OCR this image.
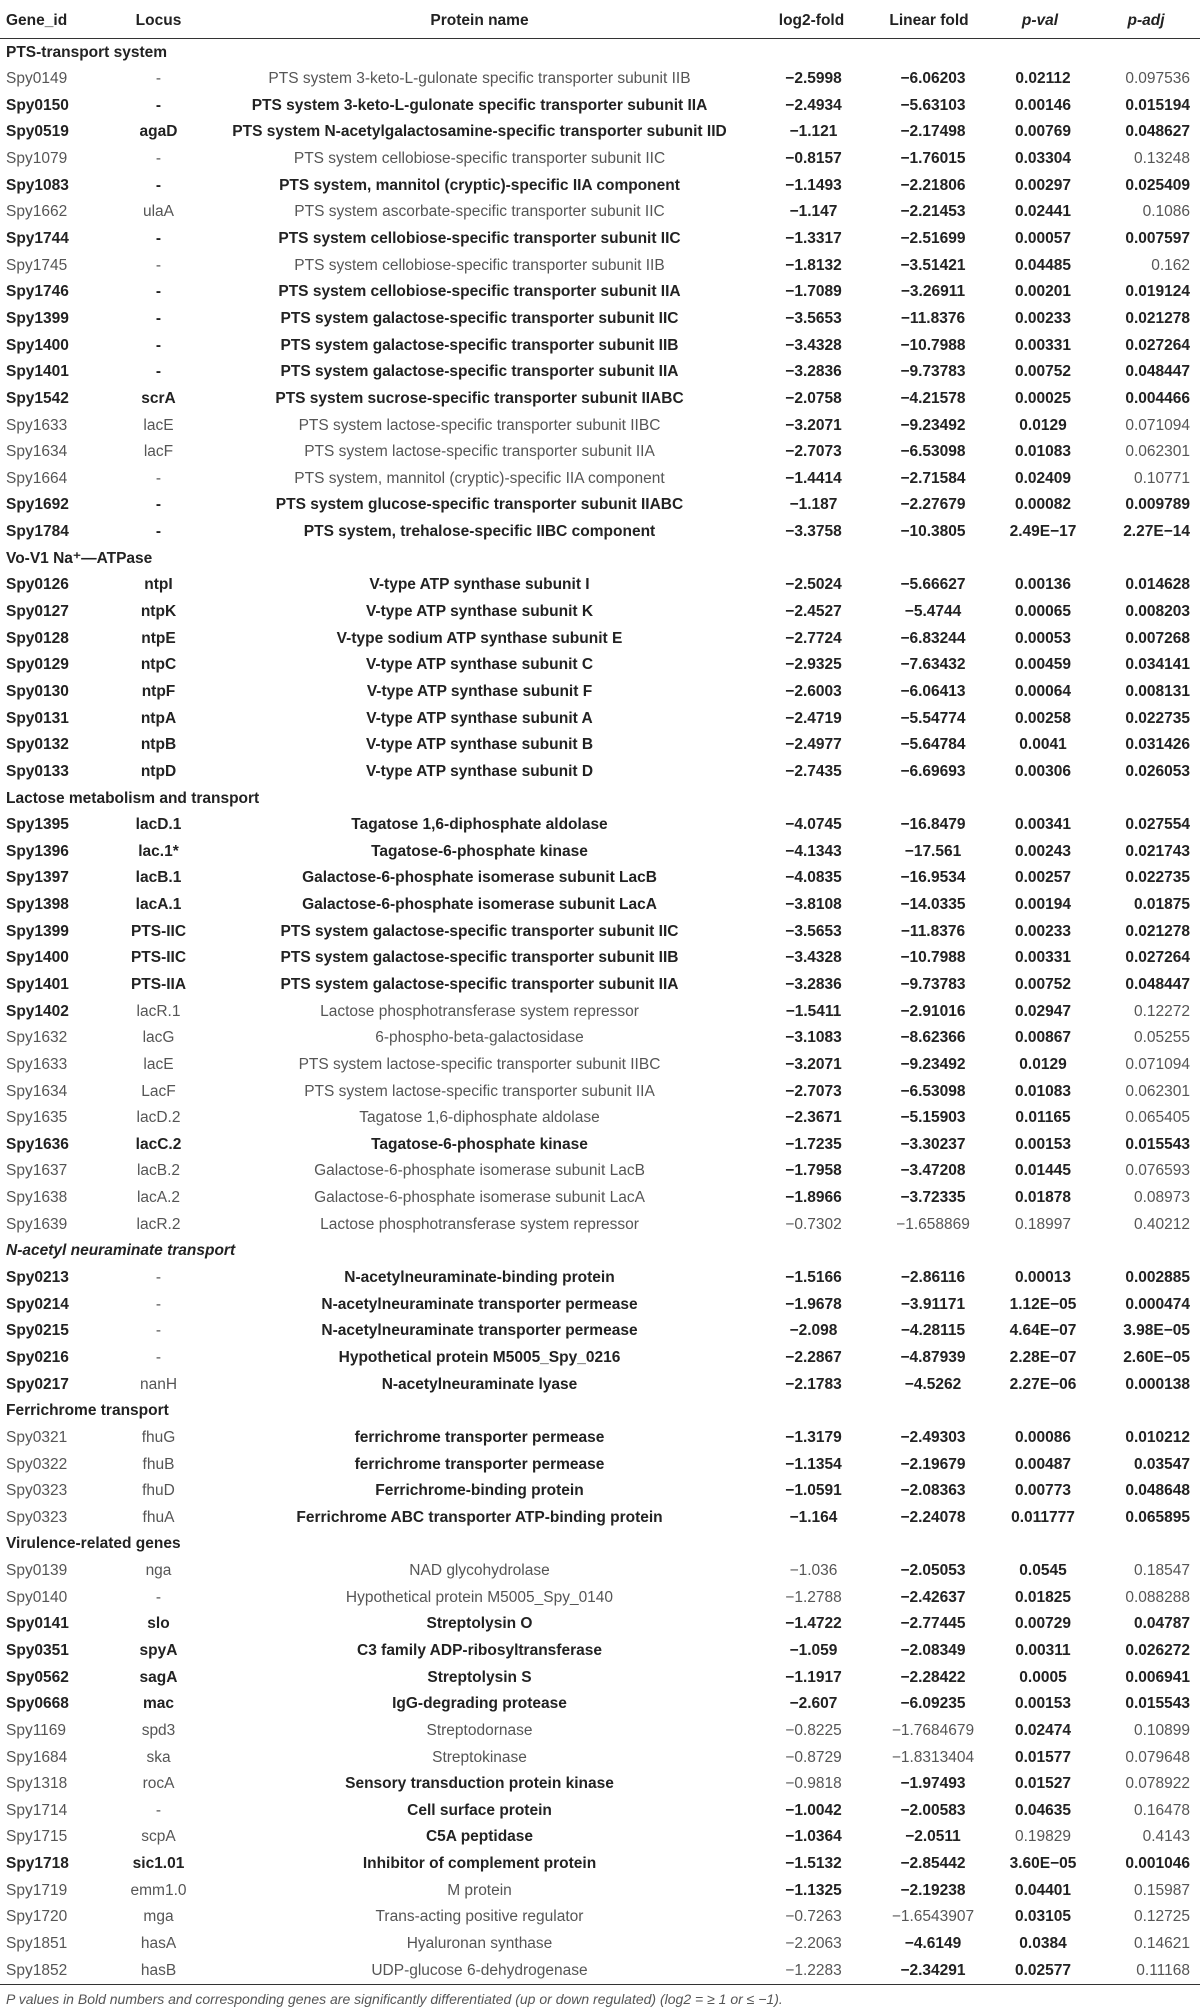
Gene_id	Locus	Protein name	log2-fold	Linear fold	p-val	p-adj
PTS-transport system						
Spy0149	-	PTS system 3-keto-L-gulonate specific transporter subunit IIB	−2.5998	−6.06203	0.02112	0.097536
Spy0150	-	PTS system 3-keto-L-gulonate specific transporter subunit IIA	−2.4934	−5.63103	0.00146	0.015194
Spy0519	agaD	PTS system N-acetylgalactosamine-specific transporter subunit IID	−1.121	−2.17498	0.00769	0.048627
Spy1079	-	PTS system cellobiose-specific transporter subunit IIC	−0.8157	−1.76015	0.03304	0.13248
Spy1083	-	PTS system, mannitol (cryptic)-specific IIA component	−1.1493	−2.21806	0.00297	0.025409
Spy1662	ulaA	PTS system ascorbate-specific transporter subunit IIC	−1.147	−2.21453	0.02441	0.1086
Spy1744	-	PTS system cellobiose-specific transporter subunit IIC	−1.3317	−2.51699	0.00057	0.007597
Spy1745	-	PTS system cellobiose-specific transporter subunit IIB	−1.8132	−3.51421	0.04485	0.162
Spy1746	-	PTS system cellobiose-specific transporter subunit IIA	−1.7089	−3.26911	0.00201	0.019124
Spy1399	-	PTS system galactose-specific transporter subunit IIC	−3.5653	−11.8376	0.00233	0.021278
Spy1400	-	PTS system galactose-specific transporter subunit IIB	−3.4328	−10.7988	0.00331	0.027264
Spy1401	-	PTS system galactose-specific transporter subunit IIA	−3.2836	−9.73783	0.00752	0.048447
Spy1542	scrA	PTS system sucrose-specific transporter subunit IIABC	−2.0758	−4.21578	0.00025	0.004466
Spy1633	lacE	PTS system lactose-specific transporter subunit IIBC	−3.2071	−9.23492	0.0129	0.071094
Spy1634	lacF	PTS system lactose-specific transporter subunit IIA	−2.7073	−6.53098	0.01083	0.062301
Spy1664	-	PTS system, mannitol (cryptic)-specific IIA component	−1.4414	−2.71584	0.02409	0.10771
Spy1692	-	PTS system glucose-specific transporter subunit IIABC	−1.187	−2.27679	0.00082	0.009789
Spy1784	-	PTS system, trehalose-specific IIBC component	−3.3758	−10.3805	2.49E−17	2.27E−14
Vo-V1 Na⁺—ATPase						
Spy0126	ntpI	V-type ATP synthase subunit I	−2.5024	−5.66627	0.00136	0.014628
Spy0127	ntpK	V-type ATP synthase subunit K	−2.4527	−5.4744	0.00065	0.008203
Spy0128	ntpE	V-type sodium ATP synthase subunit E	−2.7724	−6.83244	0.00053	0.007268
Spy0129	ntpC	V-type ATP synthase subunit C	−2.9325	−7.63432	0.00459	0.034141
Spy0130	ntpF	V-type ATP synthase subunit F	−2.6003	−6.06413	0.00064	0.008131
Spy0131	ntpA	V-type ATP synthase subunit A	−2.4719	−5.54774	0.00258	0.022735
Spy0132	ntpB	V-type ATP synthase subunit B	−2.4977	−5.64784	0.0041	0.031426
Spy0133	ntpD	V-type ATP synthase subunit D	−2.7435	−6.69693	0.00306	0.026053
Lactose metabolism and transport						
Spy1395	lacD.1	Tagatose 1,6-diphosphate aldolase	−4.0745	−16.8479	0.00341	0.027554
Spy1396	lac.1*	Tagatose-6-phosphate kinase	−4.1343	−17.561	0.00243	0.021743
Spy1397	lacB.1	Galactose-6-phosphate isomerase subunit LacB	−4.0835	−16.9534	0.00257	0.022735
Spy1398	lacA.1	Galactose-6-phosphate isomerase subunit LacA	−3.8108	−14.0335	0.00194	0.01875
Spy1399	PTS-IIC	PTS system galactose-specific transporter subunit IIC	−3.5653	−11.8376	0.00233	0.021278
Spy1400	PTS-IIC	PTS system galactose-specific transporter subunit IIB	−3.4328	−10.7988	0.00331	0.027264
Spy1401	PTS-IIA	PTS system galactose-specific transporter subunit IIA	−3.2836	−9.73783	0.00752	0.048447
Spy1402	lacR.1	Lactose phosphotransferase system repressor	−1.5411	−2.91016	0.02947	0.12272
Spy1632	lacG	6-phospho-beta-galactosidase	−3.1083	−8.62366	0.00867	0.05255
Spy1633	lacE	PTS system lactose-specific transporter subunit IIBC	−3.2071	−9.23492	0.0129	0.071094
Spy1634	LacF	PTS system lactose-specific transporter subunit IIA	−2.7073	−6.53098	0.01083	0.062301
Spy1635	lacD.2	Tagatose 1,6-diphosphate aldolase	−2.3671	−5.15903	0.01165	0.065405
Spy1636	lacC.2	Tagatose-6-phosphate kinase	−1.7235	−3.30237	0.00153	0.015543
Spy1637	lacB.2	Galactose-6-phosphate isomerase subunit LacB	−1.7958	−3.47208	0.01445	0.076593
Spy1638	lacA.2	Galactose-6-phosphate isomerase subunit LacA	−1.8966	−3.72335	0.01878	0.08973
Spy1639	lacR.2	Lactose phosphotransferase system repressor	−0.7302	−1.658869	0.18997	0.40212
N-acetyl neuraminate transport						
Spy0213	-	N-acetylneuraminate-binding protein	−1.5166	−2.86116	0.00013	0.002885
Spy0214	-	N-acetylneuraminate transporter permease	−1.9678	−3.91171	1.12E−05	0.000474
Spy0215	-	N-acetylneuraminate transporter permease	−2.098	−4.28115	4.64E−07	3.98E−05
Spy0216	-	Hypothetical protein M5005_Spy_0216	−2.2867	−4.87939	2.28E−07	2.60E−05
Spy0217	nanH	N-acetylneuraminate lyase	−2.1783	−4.5262	2.27E−06	0.000138
Ferrichrome transport						
Spy0321	fhuG	ferrichrome transporter permease	−1.3179	−2.49303	0.00086	0.010212
Spy0322	fhuB	ferrichrome transporter permease	−1.1354	−2.19679	0.00487	0.03547
Spy0323	fhuD	Ferrichrome-binding protein	−1.0591	−2.08363	0.00773	0.048648
Spy0323	fhuA	Ferrichrome ABC transporter ATP-binding protein	−1.164	−2.24078	0.011777	0.065895
Virulence-related genes						
Spy0139	nga	NAD glycohydrolase	−1.036	−2.05053	0.0545	0.18547
Spy0140	-	Hypothetical protein M5005_Spy_0140	−1.2788	−2.42637	0.01825	0.088288
Spy0141	slo	Streptolysin O	−1.4722	−2.77445	0.00729	0.04787
Spy0351	spyA	C3 family ADP-ribosyltransferase	−1.059	−2.08349	0.00311	0.026272
Spy0562	sagA	Streptolysin S	−1.1917	−2.28422	0.0005	0.006941
Spy0668	mac	IgG-degrading protease	−2.607	−6.09235	0.00153	0.015543
Spy1169	spd3	Streptodornase	−0.8225	−1.7684679	0.02474	0.10899
Spy1684	ska	Streptokinase	−0.8729	−1.8313404	0.01577	0.079648
Spy1318	rocA	Sensory transduction protein kinase	−0.9818	−1.97493	0.01527	0.078922
Spy1714	-	Cell surface protein	−1.0042	−2.00583	0.04635	0.16478
Spy1715	scpA	C5A peptidase	−1.0364	−2.0511	0.19829	0.4143
Spy1718	sic1.01	Inhibitor of complement protein	−1.5132	−2.85442	3.60E−05	0.001046
Spy1719	emm1.0	M protein	−1.1325	−2.19238	0.04401	0.15987
Spy1720	mga	Trans-acting positive regulator	−0.7263	−1.6543907	0.03105	0.12725
Spy1851	hasA	Hyaluronan synthase	−2.2063	−4.6149	0.0384	0.14621
Spy1852	hasB	UDP-glucose 6-dehydrogenase	−1.2283	−2.34291	0.02577	0.11168
P values in Bold numbers and corresponding genes are significantly differentiated (up or down regulated) (log2 = ≥ 1 or ≤ −1).
